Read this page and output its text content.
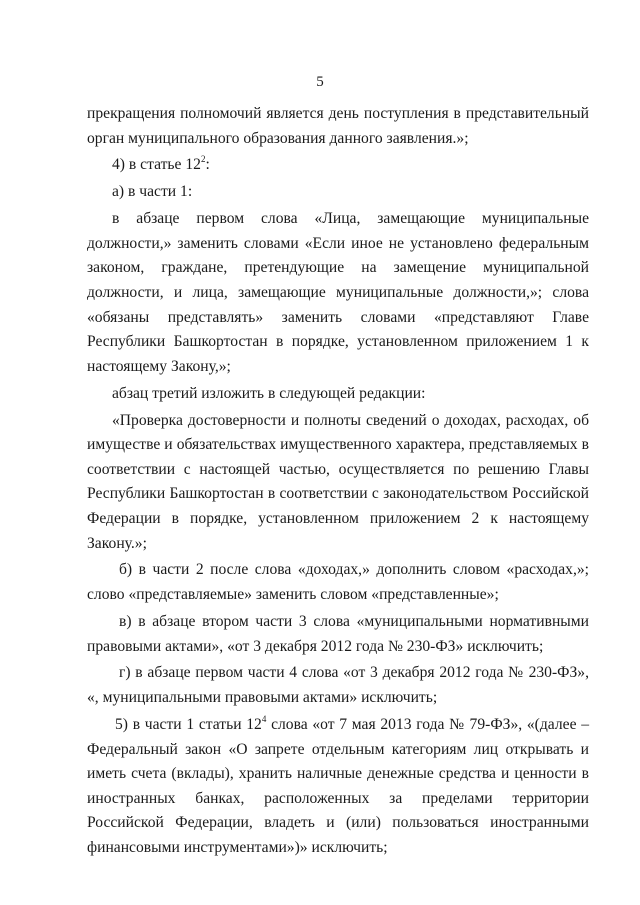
5

прекращения полномочий является день поступления в представительный орган муниципального образования данного заявления.»;

4) в статье $12^2$:

а) в части 1:

в абзаце первом слова «Лица, замещающие муниципальные должности,» заменить словами «Если иное не установлено федеральным законом, граждане, претендующие на замещение муниципальной должности, и лица, замещающие муниципальные должности,»; слова «обязаны представлять» заменить словами «представляют Главе Республики Башкортостан в порядке, установленном приложением 1 к настоящему Закону,»;

абзац третий изложить в следующей редакции:

«Проверка достоверности и полноты сведений о доходах, расходах, об имуществе и обязательствах имущественного характера, представляемых в соответствии с настоящей частью, осуществляется по решению Главы Республики Башкортостан в соответствии с законодательством Российской Федерации в порядке, установленном приложением 2 к настоящему Закону.»;

б) в части 2 после слова «доходах,» дополнить словом «расходах,»; слово «представляемые» заменить словом «представленные»;

в) в абзаце втором части 3 слова «муниципальными нормативными правовыми актами», «от 3 декабря 2012 года № 230-ФЗ» исключить;

г) в абзаце первом части 4 слова «от 3 декабря 2012 года № 230-ФЗ», «, муниципальными правовыми актами» исключить;

5) в части 1 статьи $12^4$ слова «от 7 мая 2013 года № 79-ФЗ», «(далее – Федеральный закон «О запрете отдельным категориям лиц открывать и иметь счета (вклады), хранить наличные денежные средства и ценности в иностранных банках, расположенных за пределами территории Российской Федерации, владеть и (или) пользоваться иностранными финансовыми инструментами»)» исключить;
